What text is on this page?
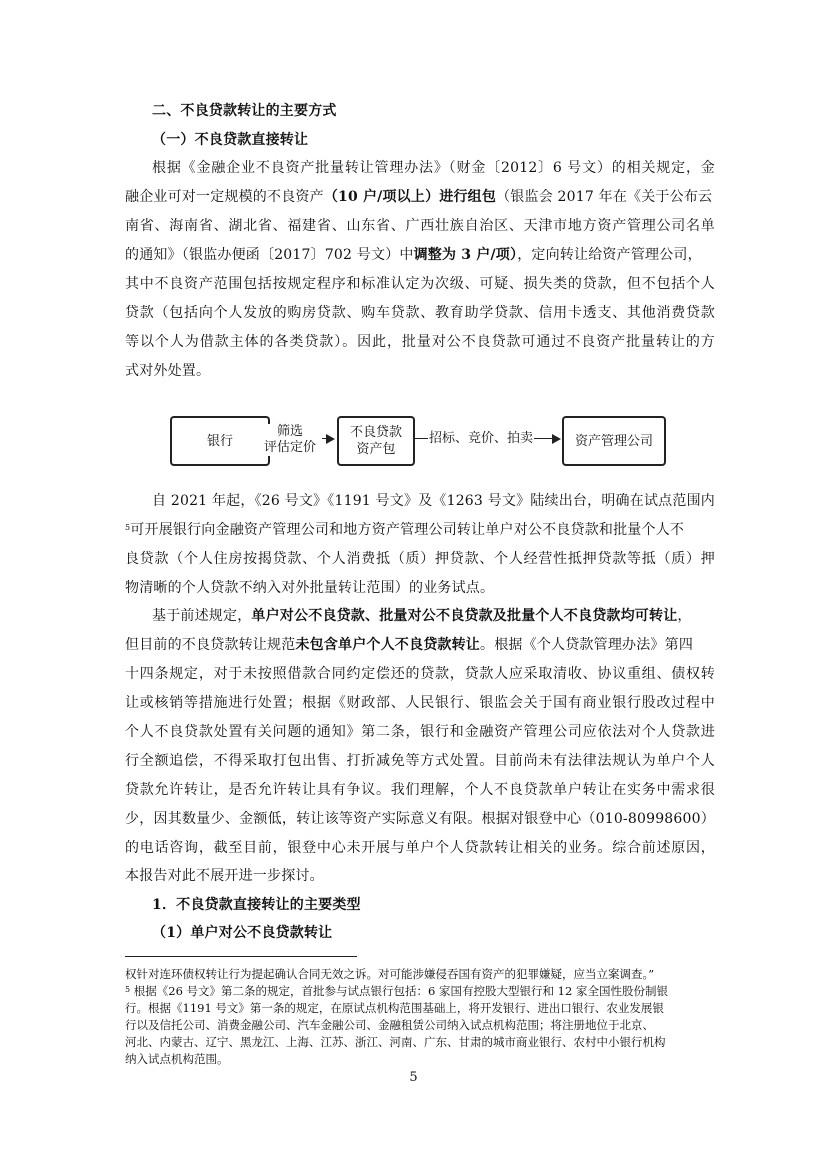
二、不良贷款转让的主要方式
（一）不良贷款直接转让
根据《金融企业不良资产批量转让管理办法》（财金〔2012〕6 号文）的相关规定，金
融企业可对一定规模的不良资产（10 户/项以上）进行组包（银监会 2017 年在《关于公布云
南省、海南省、湖北省、福建省、山东省、广西壮族自治区、天津市地方资产管理公司名单
的通知》（银监办便函〔2017〕702 号文）中调整为 3 户/项），定向转让给资产管理公司，
其中不良资产范围包括按规定程序和标准认定为次级、可疑、损失类的贷款，但不包括个人
贷款（包括向个人发放的购房贷款、购车贷款、教育助学贷款、信用卡透支、其他消费贷款
等以个人为借款主体的各类贷款）。因此，批量对公不良贷款可通过不良资产批量转让的方
式对外处置。
银行
筛选
评估定价
不良贷款
资产包
招标、竞价、拍卖	资产管理公司
自 2021 年起，《26 号文》《1191 号文》及《1263 号文》陆续出台，明确在试点范围内
$^5$可开展银行向金融资产管理公司和地方资产管理公司转让单户对公不良贷款和批量个人不
良贷款（个人住房按揭贷款、个人消费抵（质）押贷款、个人经营性抵押贷款等抵（质）押
物清晰的个人贷款不纳入对外批量转让范围）的业务试点。
基于前述规定，单户对公不良贷款、批量对公不良贷款及批量个人不良贷款均可转让，
但目前的不良贷款转让规范未包含单户个人不良贷款转让。根据《个人贷款管理办法》第四
十四条规定，对于未按照借款合同约定偿还的贷款，贷款人应采取清收、协议重组、债权转
让或核销等措施进行处置；根据《财政部、人民银行、银监会关于国有商业银行股改过程中
个人不良贷款处置有关问题的通知》第二条，银行和金融资产管理公司应依法对个人贷款进
行全额追偿，不得采取打包出售、打折减免等方式处置。目前尚未有法律法规认为单户个人
贷款允许转让，是否允许转让具有争议。我们理解，个人不良贷款单户转让在实务中需求很
少，因其数量少、金额低，转让该等资产实际意义有限。根据对银登中心（010-80998600）
的电话咨询，截至目前，银登中心未开展与单户个人贷款转让相关的业务。综合前述原因，
本报告对此不展开进一步探讨。
1．不良贷款直接转让的主要类型
（1）单户对公不良贷款转让
权针对连环债权转让行为提起确认合同无效之诉。对可能涉嫌侵吞国有资产的犯罪嫌疑，应当立案调查。”
$^5$ 根据《26 号文》第二条的规定，首批参与试点银行包括：6 家国有控股大型银行和 12 家全国性股份制银
行。根据《1191 号文》第一条的规定，在原试点机构范围基础上，将开发银行、进出口银行、农业发展银
行以及信托公司、消费金融公司、汽车金融公司、金融租赁公司纳入试点机构范围；将注册地位于北京、
河北、内蒙古、辽宁、黑龙江、上海、江苏、浙江、河南、广东、甘肃的城市商业银行、农村中小银行机构
纳入试点机构范围。
5
